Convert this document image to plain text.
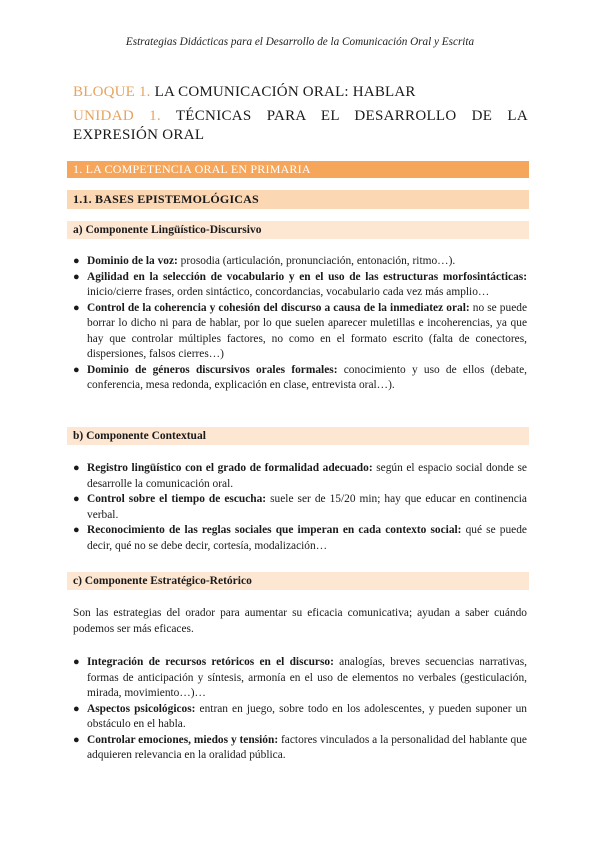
Estrategias Didácticas para el Desarrollo de la Comunicación Oral y Escrita
BLOQUE 1. LA COMUNICACIÓN ORAL: HABLAR
UNIDAD 1. TÉCNICAS PARA EL DESARROLLO DE LA EXPRESIÓN ORAL
1. LA COMPETENCIA ORAL EN PRIMARIA
1.1. BASES EPISTEMOLÓGICAS
a) Componente Lingüístico-Discursivo
● Dominio de la voz: prosodia (articulación, pronunciación, entonación, ritmo…).
● Agilidad en la selección de vocabulario y en el uso de las estructuras morfosintácticas: inicio/cierre frases, orden sintáctico, concordancias, vocabulario cada vez más amplio…
● Control de la coherencia y cohesión del discurso a causa de la inmediatez oral: no se puede borrar lo dicho ni para de hablar, por lo que suelen aparecer muletillas e incoherencias, ya que hay que controlar múltiples factores, no como en el formato escrito (falta de conectores, dispersiones, falsos cierres…)
● Dominio de géneros discursivos orales formales: conocimiento y uso de ellos (debate, conferencia, mesa redonda, explicación en clase, entrevista oral…).
b) Componente Contextual
● Registro lingüístico con el grado de formalidad adecuado: según el espacio social donde se desarrolle la comunicación oral.
● Control sobre el tiempo de escucha: suele ser de 15/20 min; hay que educar en continencia verbal.
● Reconocimiento de las reglas sociales que imperan en cada contexto social: qué se puede decir, qué no se debe decir, cortesía, modalización…
c) Componente Estratégico-Retórico

Son las estrategias del orador para aumentar su eficacia comunicativa; ayudan a saber cuándo podemos ser más eficaces.

● Integración de recursos retóricos en el discurso: analogías, breves secuencias narrativas, formas de anticipación y síntesis, armonía en el uso de elementos no verbales (gesticulación, mirada, movimiento…)…
● Aspectos psicológicos: entran en juego, sobre todo en los adolescentes, y pueden suponer un obstáculo en el habla.
● Controlar emociones, miedos y tensión: factores vinculados a la personalidad del hablante que adquieren relevancia en la oralidad pública.
